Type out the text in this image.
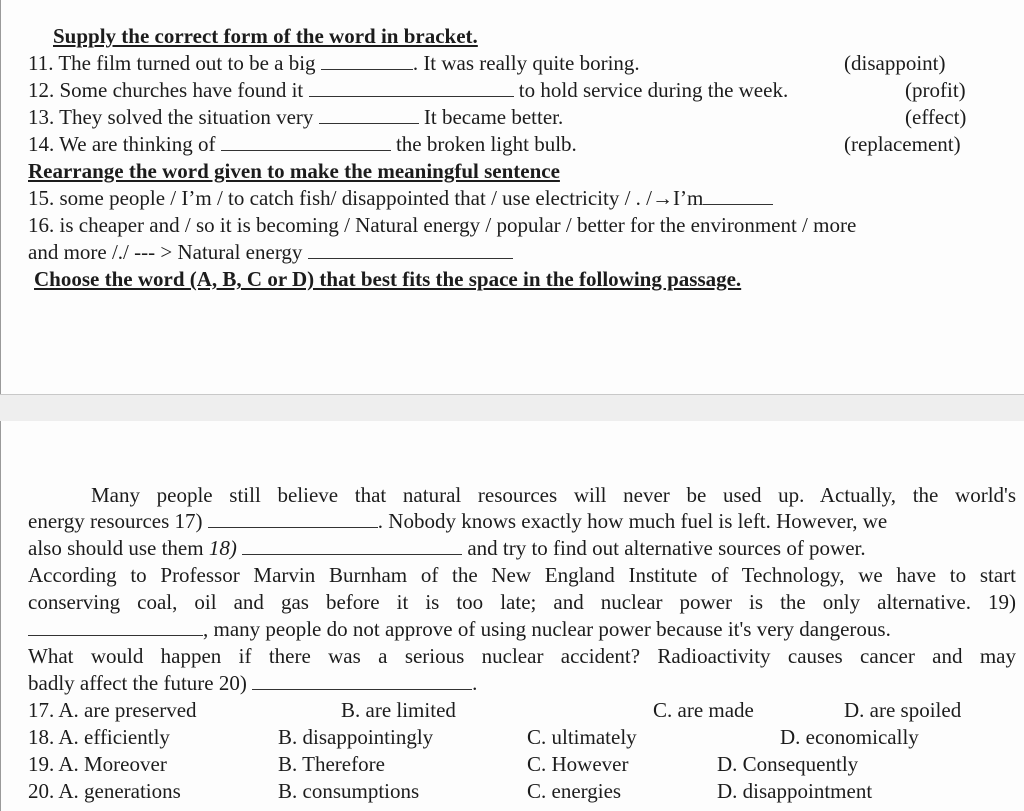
Supply the correct form of the word in bracket.
11. The film turned out to be a big	. It was really quite boring.	(disappoint)
12. Some churches have found it	to hold service during the week.	(profit)
13. They solved the situation very	It became better.	(effect)
14. We are thinking of	the broken light bulb.	(replacement)
Rearrange the word given to make the meaningful sentence
15. some people / I’m / to catch fish/ disappointed that / use electricity / . /→I’m
16. is cheaper and / so it is becoming / Natural energy / popular / better for the environment / more
and more /./ --- > Natural energy
Choose the word (A, B, C or D) that best fits the space in the following passage.
Many people still believe that natural resources will never be used up. Actually, the world's
energy resources 17)	. Nobody knows exactly how much fuel is left. However, we
also should use them 18)	and try to find out alternative sources of power.
According to Professor Marvin Burnham of the New England Institute of Technology, we have to start
conserving coal, oil and gas before it is too late; and nuclear power is the only alternative. 19)
, many people do not approve of using nuclear power because it's very dangerous.
What would happen if there was a serious nuclear accident? Radioactivity causes cancer and may
badly affect the future 20)	.
17. A. are preserved	B. are limited	C. are made	D. are spoiled
18. A. efficiently	B. disappointingly	C. ultimately	D. economically
19. A. Moreover	B. Therefore	C. However	D. Consequently
20. A. generations	B. consumptions	C. energies	D. disappointment
